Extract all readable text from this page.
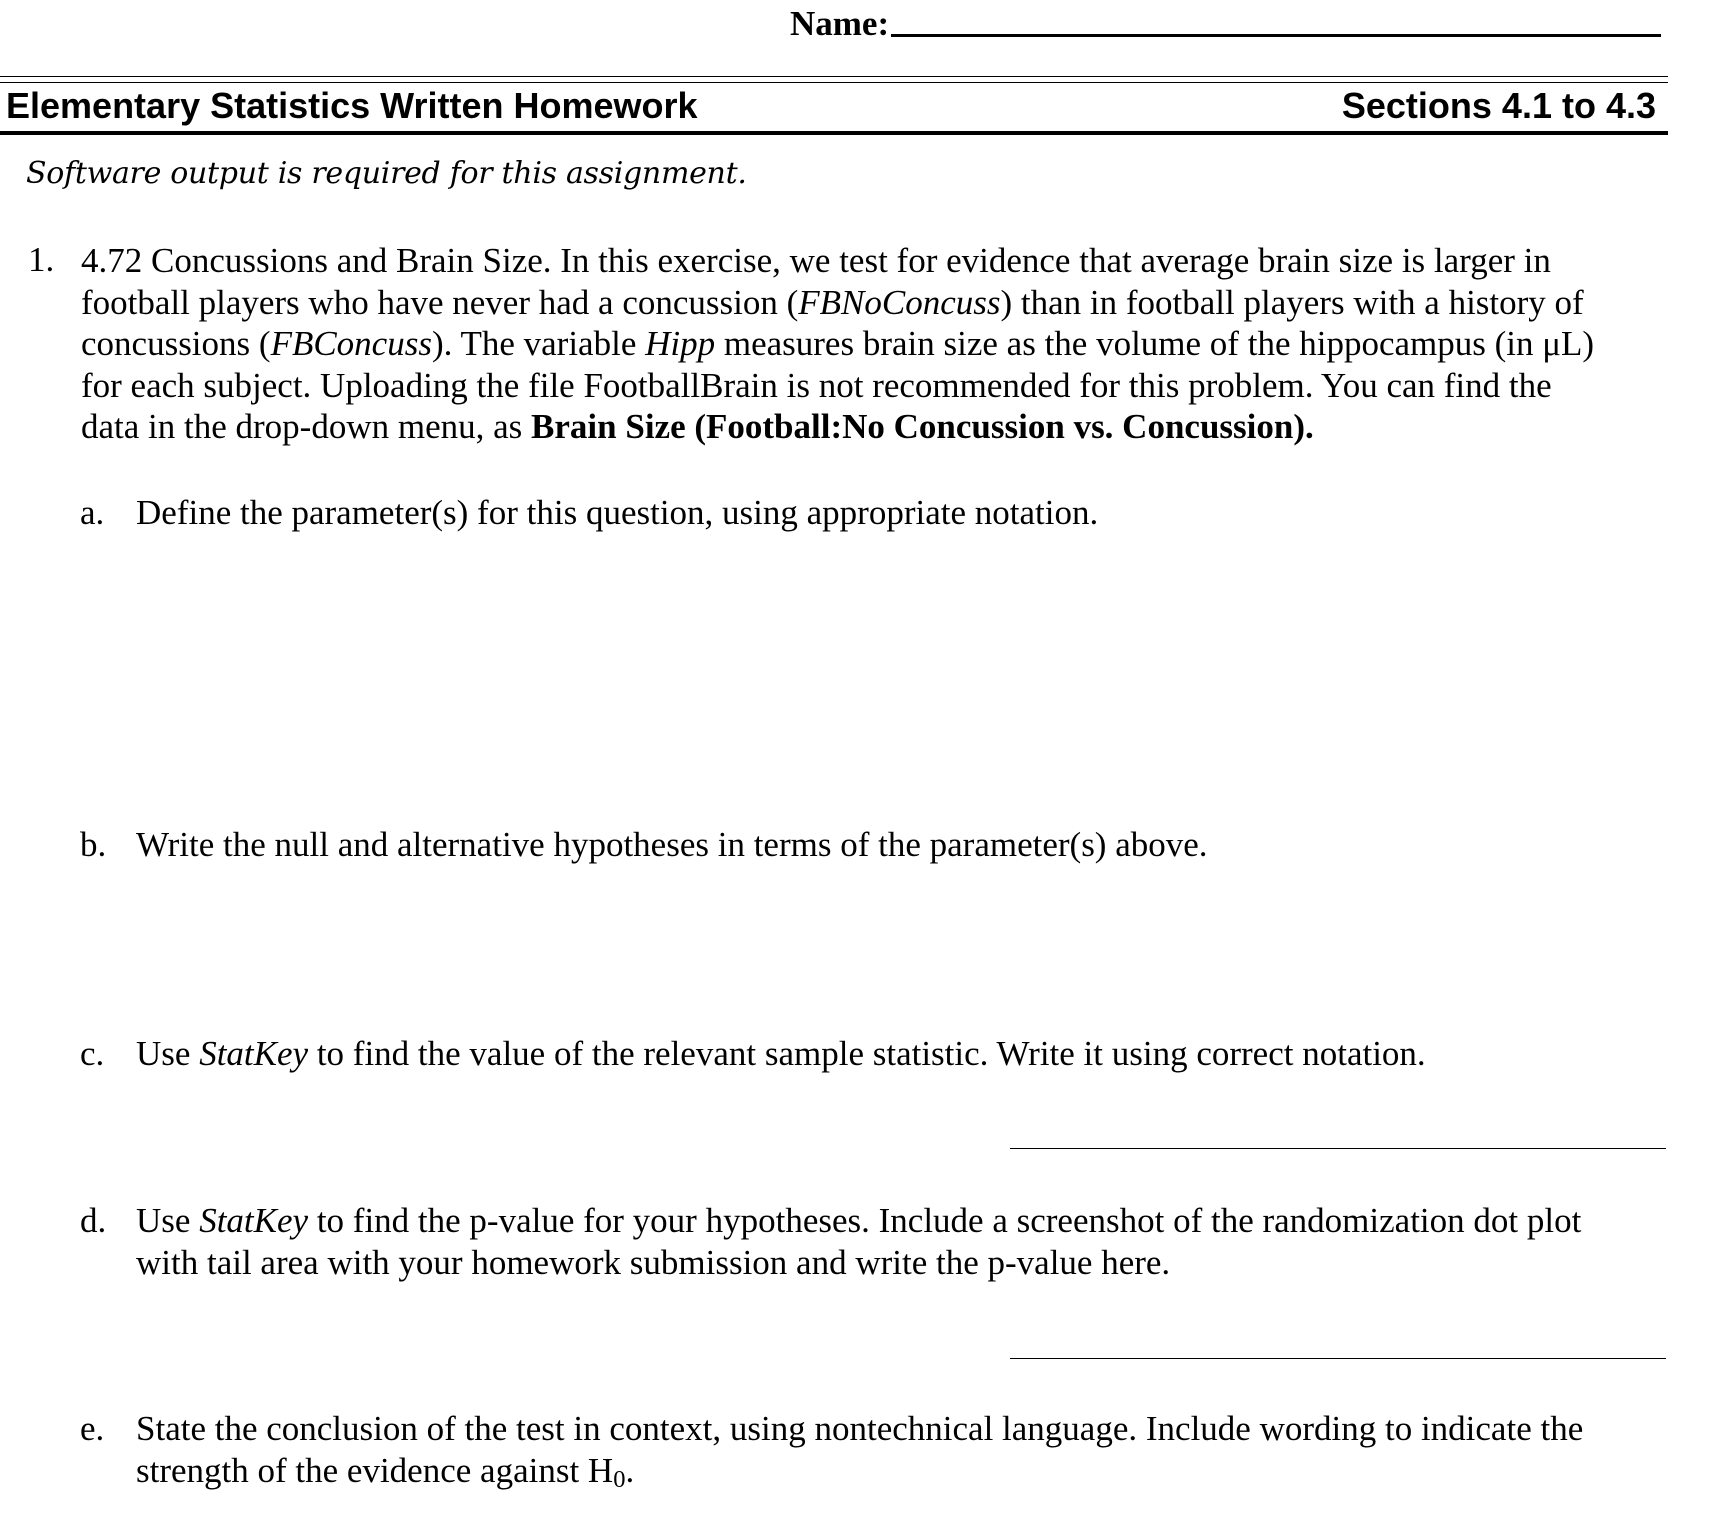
Name:
Elementary Statistics Written Homework	Sections 4.1 to 4.3
Software output is required for this assignment.
1. 4.72 Concussions and Brain Size. In this exercise, we test for evidence that average brain size is larger in
football players who have never had a concussion (FBNoConcuss) than in football players with a history of
concussions (FBConcuss). The variable Hipp measures brain size as the volume of the hippocampus (in μL)
for each subject. Uploading the file FootballBrain is not recommended for this problem. You can find the
data in the drop-down menu, as Brain Size (Football:No Concussion vs. Concussion).
a. Define the parameter(s) for this question, using appropriate notation.
b. Write the null and alternative hypotheses in terms of the parameter(s) above.
c. Use StatKey to find the value of the relevant sample statistic. Write it using correct notation.
d. Use StatKey to find the p-value for your hypotheses. Include a screenshot of the randomization dot plot
with tail area with your homework submission and write the p-value here.
e. State the conclusion of the test in context, using nontechnical language. Include wording to indicate the
strength of the evidence against $H_0$.
